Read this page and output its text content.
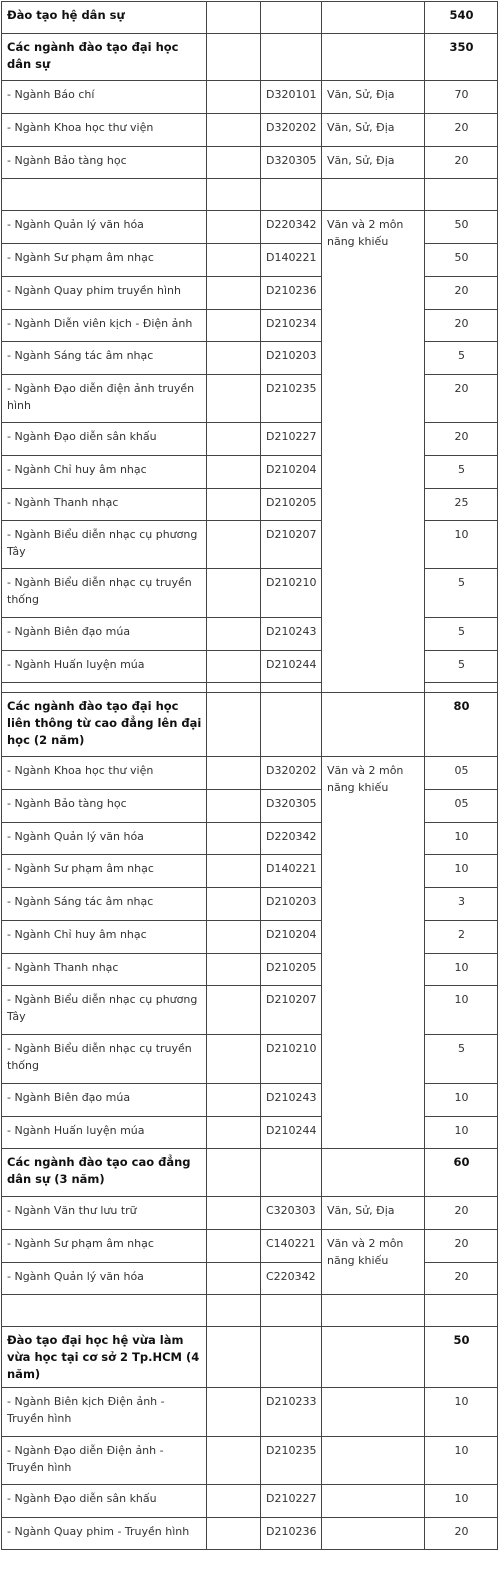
Đào tạo hệ dân sự				540
Các ngành đào tạo đại học dân sự				350
- Ngành Báo chí		D320101	Văn, Sử, Địa	70
- Ngành Khoa học thư viện		D320202	Văn, Sử, Địa	20
- Ngành Bảo tàng học		D320305	Văn, Sử, Địa	20

- Ngành Quản lý văn hóa		D220342	Văn và 2 môn năng khiếu	50
- Ngành Sư phạm âm nhạc		D140221		50
- Ngành Quay phim truyền hình		D210236		20
- Ngành Diễn viên kịch - Điện ảnh		D210234		20
- Ngành Sáng tác âm nhạc		D210203		5
- Ngành Đạo diễn điện ảnh truyền hình		D210235		20
- Ngành Đạo diễn sân khấu		D210227		20
- Ngành Chỉ huy âm nhạc		D210204		5
- Ngành Thanh nhạc		D210205		25
- Ngành Biểu diễn nhạc cụ phương Tây		D210207		10
- Ngành Biểu diễn nhạc cụ truyền thống		D210210		5
- Ngành Biên đạo múa		D210243		5
- Ngành Huấn luyện múa		D210244		5

Các ngành đào tạo đại học liên thông từ cao đẳng lên đại học (2 năm)				80
- Ngành Khoa học thư viện		D320202	Văn và 2 môn năng khiếu	05
- Ngành Bảo tàng học		D320305		05
- Ngành Quản lý văn hóa		D220342		10
- Ngành Sư phạm âm nhạc		D140221		10
- Ngành Sáng tác âm nhạc		D210203		3
- Ngành Chỉ huy âm nhạc		D210204		2
- Ngành Thanh nhạc		D210205		10
- Ngành Biểu diễn nhạc cụ phương Tây		D210207		10
- Ngành Biểu diễn nhạc cụ truyền thống		D210210		5
- Ngành Biên đạo múa		D210243		10
- Ngành Huấn luyện múa		D210244		10
Các ngành đào tạo cao đẳng dân sự (3 năm)				60
- Ngành Văn thư lưu trữ		C320303	Văn, Sử, Địa	20
- Ngành Sư phạm âm nhạc		C140221	Văn và 2 môn năng khiếu	20
- Ngành Quản lý văn hóa		C220342		20

Đào tạo đại học hệ vừa làm vừa học tại cơ sở 2 Tp.HCM (4 năm)				50
- Ngành Biên kịch Điện ảnh - Truyền hình		D210233		10
- Ngành Đạo diễn Điện ảnh - Truyền hình		D210235		10
- Ngành Đạo diễn sân khấu		D210227		10
- Ngành Quay phim - Truyền hình		D210236		20
